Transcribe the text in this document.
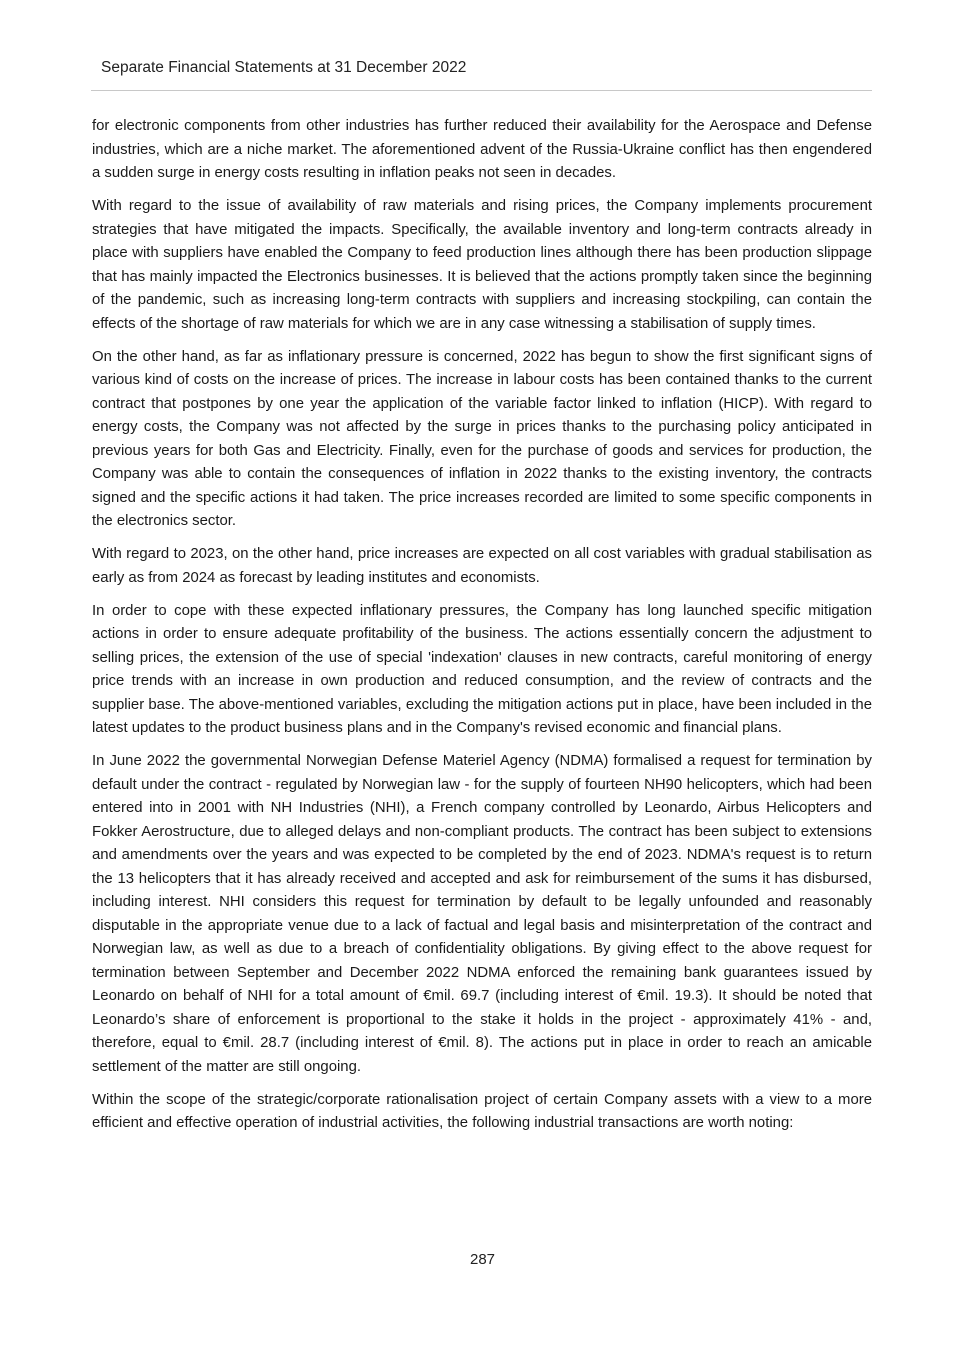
Separate Financial Statements at 31 December 2022

for electronic components from other industries has further reduced their availability for the Aerospace and Defense industries, which are a niche market. The aforementioned advent of the Russia-Ukraine conflict has then engendered a sudden surge in energy costs resulting in inflation peaks not seen in decades.

With regard to the issue of availability of raw materials and rising prices, the Company implements procurement strategies that have mitigated the impacts. Specifically, the available inventory and long-term contracts already in place with suppliers have enabled the Company to feed production lines although there has been production slippage that has mainly impacted the Electronics businesses. It is believed that the actions promptly taken since the beginning of the pandemic, such as increasing long-term contracts with suppliers and increasing stockpiling, can contain the effects of the shortage of raw materials for which we are in any case witnessing a stabilisation of supply times.

On the other hand, as far as inflationary pressure is concerned, 2022 has begun to show the first significant signs of various kind of costs on the increase of prices. The increase in labour costs has been contained thanks to the current contract that postpones by one year the application of the variable factor linked to inflation (HICP). With regard to energy costs, the Company was not affected by the surge in prices thanks to the purchasing policy anticipated in previous years for both Gas and Electricity. Finally, even for the purchase of goods and services for production, the Company was able to contain the consequences of inflation in 2022 thanks to the existing inventory, the contracts signed and the specific actions it had taken. The price increases recorded are limited to some specific components in the electronics sector.

With regard to 2023, on the other hand, price increases are expected on all cost variables with gradual stabilisation as early as from 2024 as forecast by leading institutes and economists.

In order to cope with these expected inflationary pressures, the Company has long launched specific mitigation actions in order to ensure adequate profitability of the business. The actions essentially concern the adjustment to selling prices, the extension of the use of special 'indexation' clauses in new contracts, careful monitoring of energy price trends with an increase in own production and reduced consumption, and the review of contracts and the supplier base. The above-mentioned variables, excluding the mitigation actions put in place, have been included in the latest updates to the product business plans and in the Company's revised economic and financial plans.

In June 2022 the governmental Norwegian Defense Materiel Agency (NDMA) formalised a request for termination by default under the contract - regulated by Norwegian law - for the supply of fourteen NH90 helicopters, which had been entered into in 2001 with NH Industries (NHI), a French company controlled by Leonardo, Airbus Helicopters and Fokker Aerostructure, due to alleged delays and non-compliant products. The contract has been subject to extensions and amendments over the years and was expected to be completed by the end of 2023. NDMA's request is to return the 13 helicopters that it has already received and accepted and ask for reimbursement of the sums it has disbursed, including interest. NHI considers this request for termination by default to be legally unfounded and reasonably disputable in the appropriate venue due to a lack of factual and legal basis and misinterpretation of the contract and Norwegian law, as well as due to a breach of confidentiality obligations. By giving effect to the above request for termination between September and December 2022 NDMA enforced the remaining bank guarantees issued by Leonardo on behalf of NHI for a total amount of €mil. 69.7 (including interest of €mil. 19.3). It should be noted that Leonardo’s share of enforcement is proportional to the stake it holds in the project - approximately 41% - and, therefore, equal to €mil. 28.7 (including interest of €mil. 8). The actions put in place in order to reach an amicable settlement of the matter are still ongoing.

Within the scope of the strategic/corporate rationalisation project of certain Company assets with a view to a more efficient and effective operation of industrial activities, the following industrial transactions are worth noting:

287
